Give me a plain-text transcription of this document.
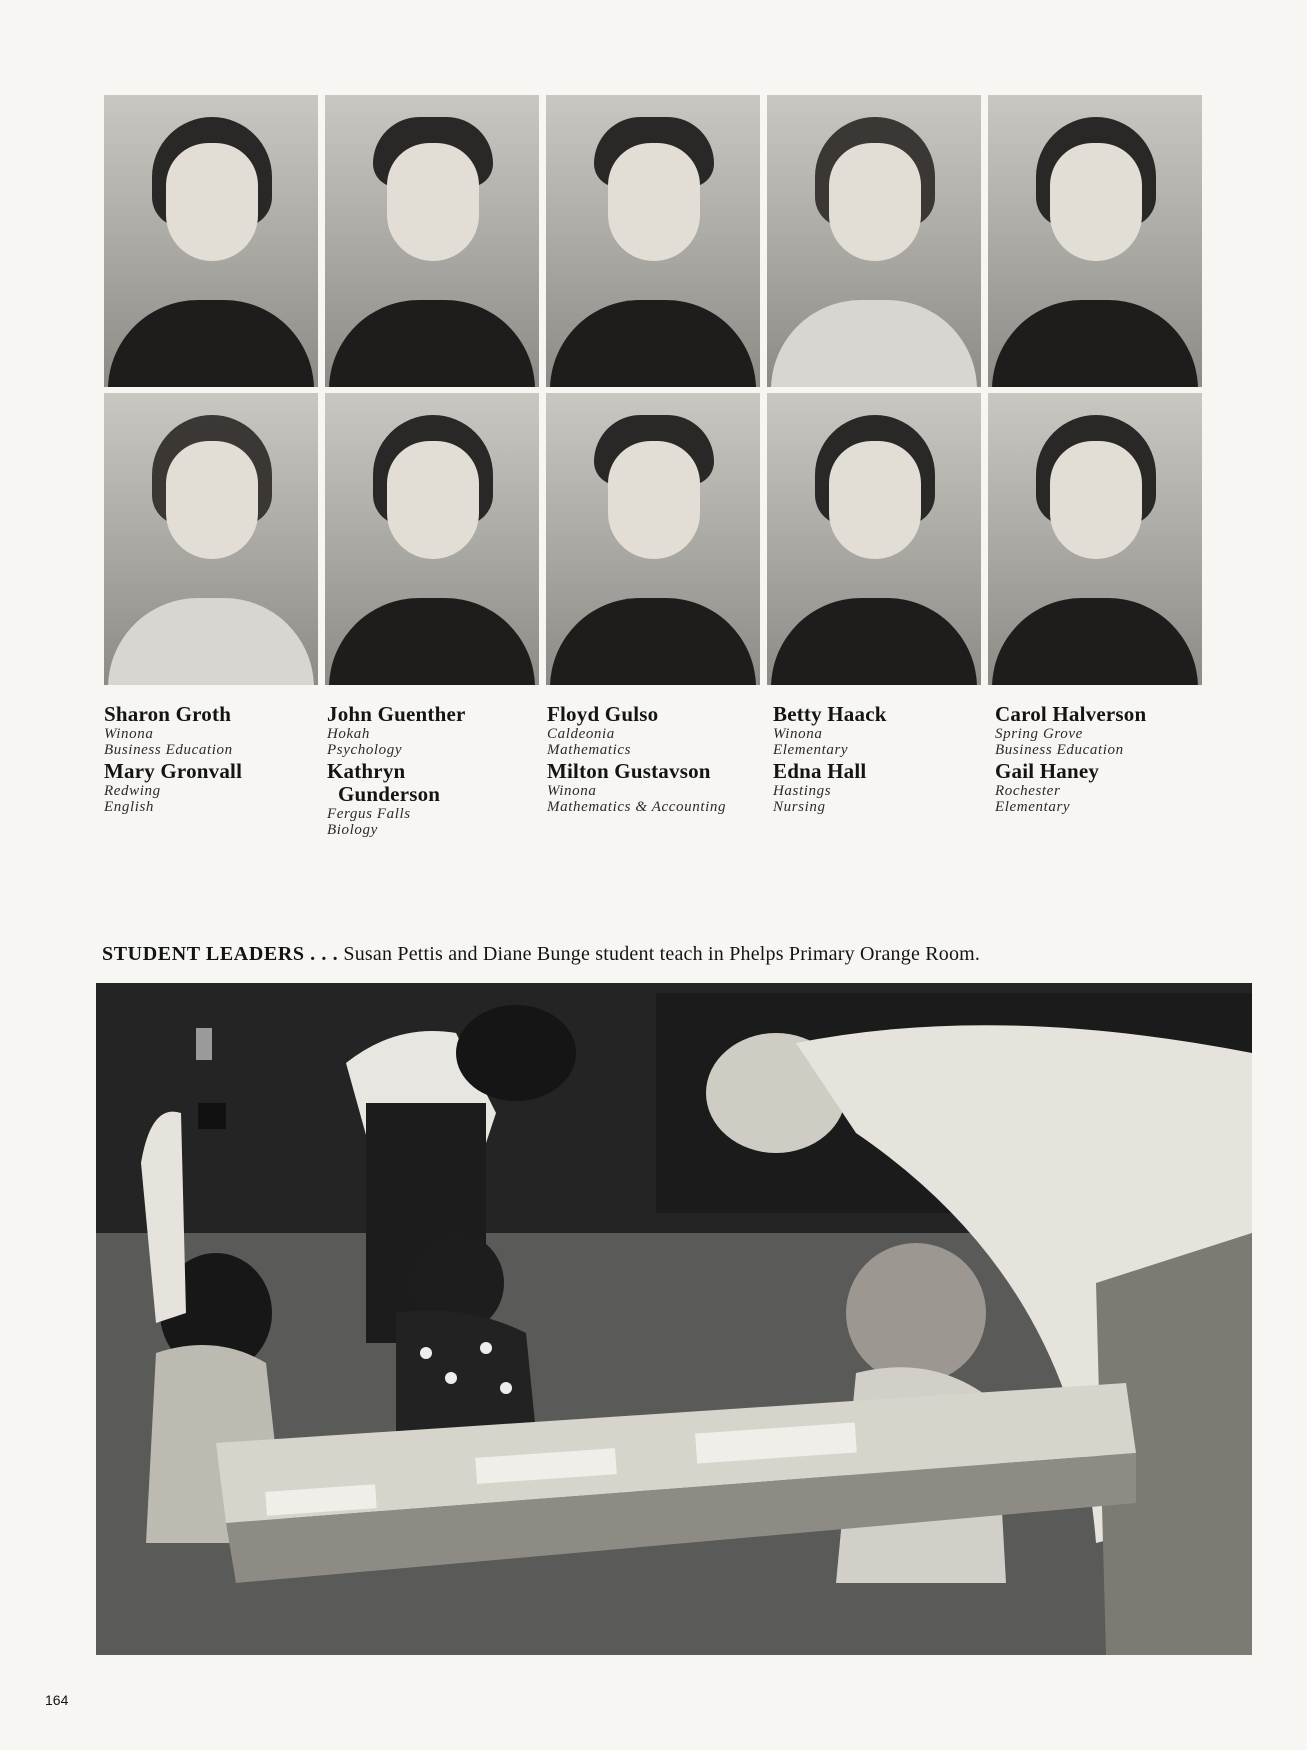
Sharon Groth
Winona
Business Education
Mary Gronvall
Redwing
English
John Guenther
Hokah
Psychology
Kathryn
Gunderson
Fergus Falls
Biology
Floyd Gulso
Caldeonia
Mathematics
Milton Gustavson
Winona
Mathematics & Accounting
Betty Haack
Winona
Elementary
Edna Hall
Hastings
Nursing
Carol Halverson
Spring Grove
Business Education
Gail Haney
Rochester
Elementary
STUDENT LEADERS . . . Susan Pettis and Diane Bunge student teach in Phelps Primary Orange Room.
164
